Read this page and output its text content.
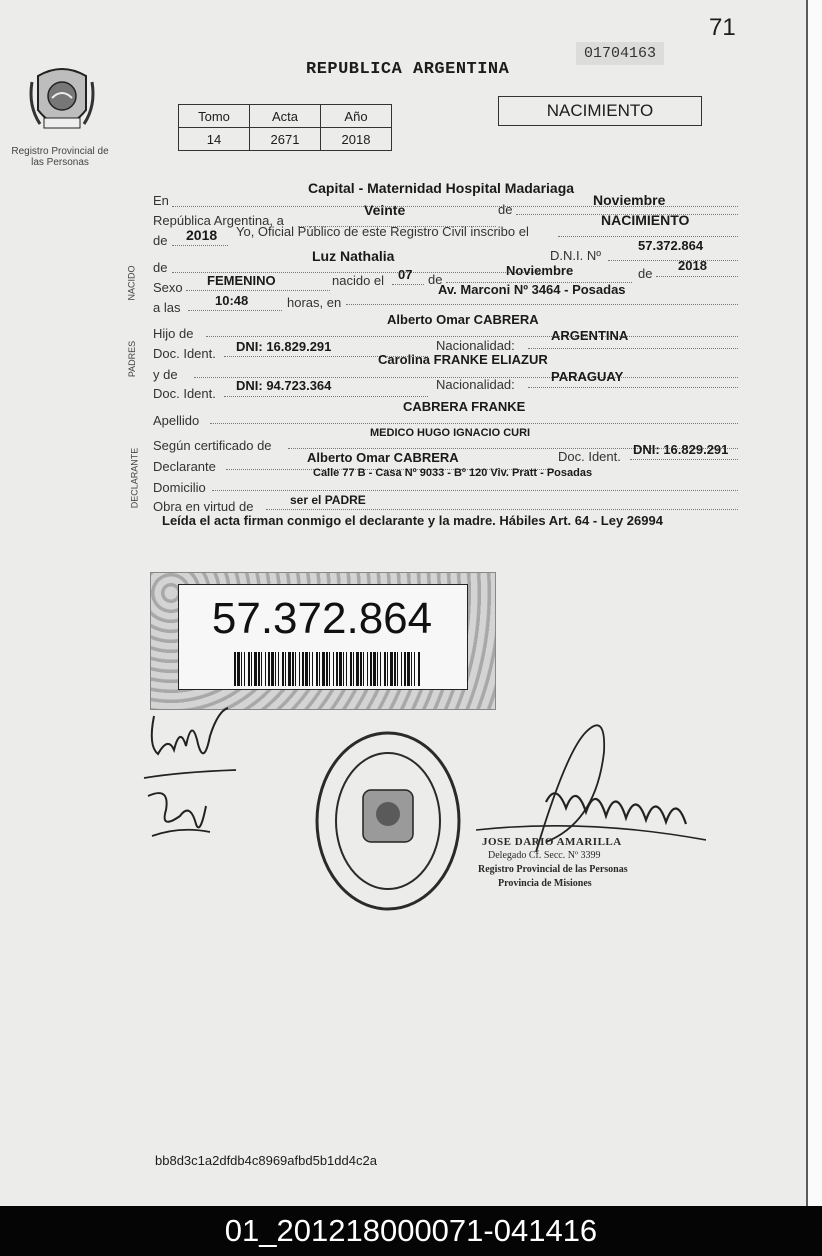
71
Registro Provincial de las Personas
REPUBLICA ARGENTINA
01704163
Tomo	Acta	Año
14	2671	2018
NACIMIENTO
NACIDO
PADRES
DECLARANTE
En
Capital - Maternidad Hospital Madariaga
República Argentina, a
Veinte	de
Noviembre
de 2018 Yo, Oficial Público de este Registro Civil inscribo el
NACIMIENTO
de
Luz Nathalia	D.N.I. Nº
57.372.864
Sexo FEMENINO	nacido el 07 de
Noviembre	de
2018
a las	10:48	horas, en
Av. Marconi Nº 3464 - Posadas
Hijo de
Alberto Omar CABRERA
Doc. Ident. DNI: 16.829.291	Nacionalidad:
ARGENTINA
y de
Carolina FRANKE ELIAZUR
Doc. Ident.
DNI: 94.723.364	Nacionalidad:
PARAGUAY
Apellido
CABRERA FRANKE
Según certificado de
MEDICO HUGO IGNACIO CURI
Declarante
Alberto Omar CABRERA	Doc. Ident. DNI: 16.829.291
Domicilio
Calle 77 B - Casa Nº 9033 - Bº 120 Viv. Pratt - Posadas
Obra en virtud de	ser el PADRE
Leída el acta firman conmigo el declarante y la madre. Hábiles Art. 64 - Ley 26994
57.372.864
JOSE DARIO AMARILLA
Delegado Cf. Secc. Nº 3399
Registro Provincial de las Personas
Provincia de Misiones
bb8d3c1a2dfdb4c8969afbd5b1dd4c2a
01_201218000071-041416
